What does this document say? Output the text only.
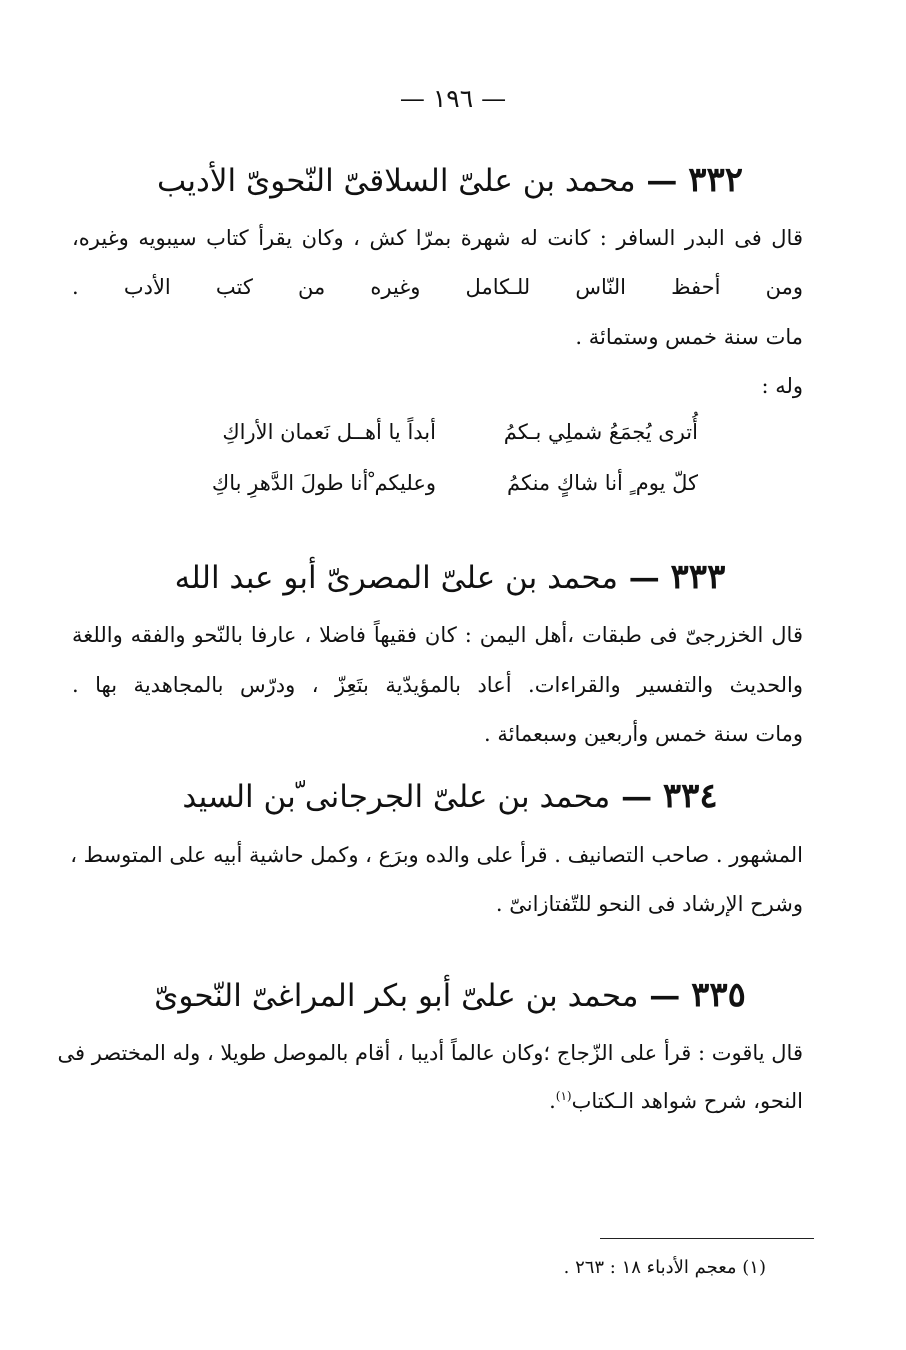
— ١٩٦ —
٣٣٢ — محمد بن علىّ السلاقىّ النّحوىّ الأديب
قال فى البدر السافر : كانت له شهرة بمرّا كش ، وكان يقرأ كتاب سيبويه وغيره،
ومن أحفظ النّاس للـكامل وغيره من كتب الأدب .
مات سنة خمس وستمائة .
وله :
أُترى يُجمَعُ شملِي بـكمُ
أبداً يا أهــل نَعمان الأراكِ
كلّ يوم ٍ أنا شاكٍ منكمُ
وعليكم ْأنا طولَ الدَّهرِ باكِ
٣٣٣ — محمد بن علىّ المصرىّ أبو عبد الله
قال الخزرجىّ فى طبقات ،أهل اليمن : كان فقيهاً فاضلا ، عارفا بالنّحو والفقه واللغة
والحديث والتفسير والقراءات. أعاد بالمؤيدّية بتَعِزّ ، ودرّس بالمجاهدية بها .
ومات سنة خمس وأربعين وسبعمائة .
٣٣٤ — محمد بن علىّ الجرجانى ّبن السيد
المشهور . صاحب التصانيف . قرأ على والده وبرَع ، وكمل حاشية أبيه على المتوسط ،
وشرح الإرشاد فى النحو للتّفتازانىّ .
٣٣٥ — محمد بن علىّ أبو بكر المراغىّ النّحوىّ
قال ياقوت : قرأ على الزّجاج ؛وكان عالماً أديبا ، أقام بالموصل طويلا ، وله المختصر فى
النحو، شرح شواهد الـكتاب$^{(١)}$.
(١) معجم الأدباء ١٨ : ٢٦٣ .
